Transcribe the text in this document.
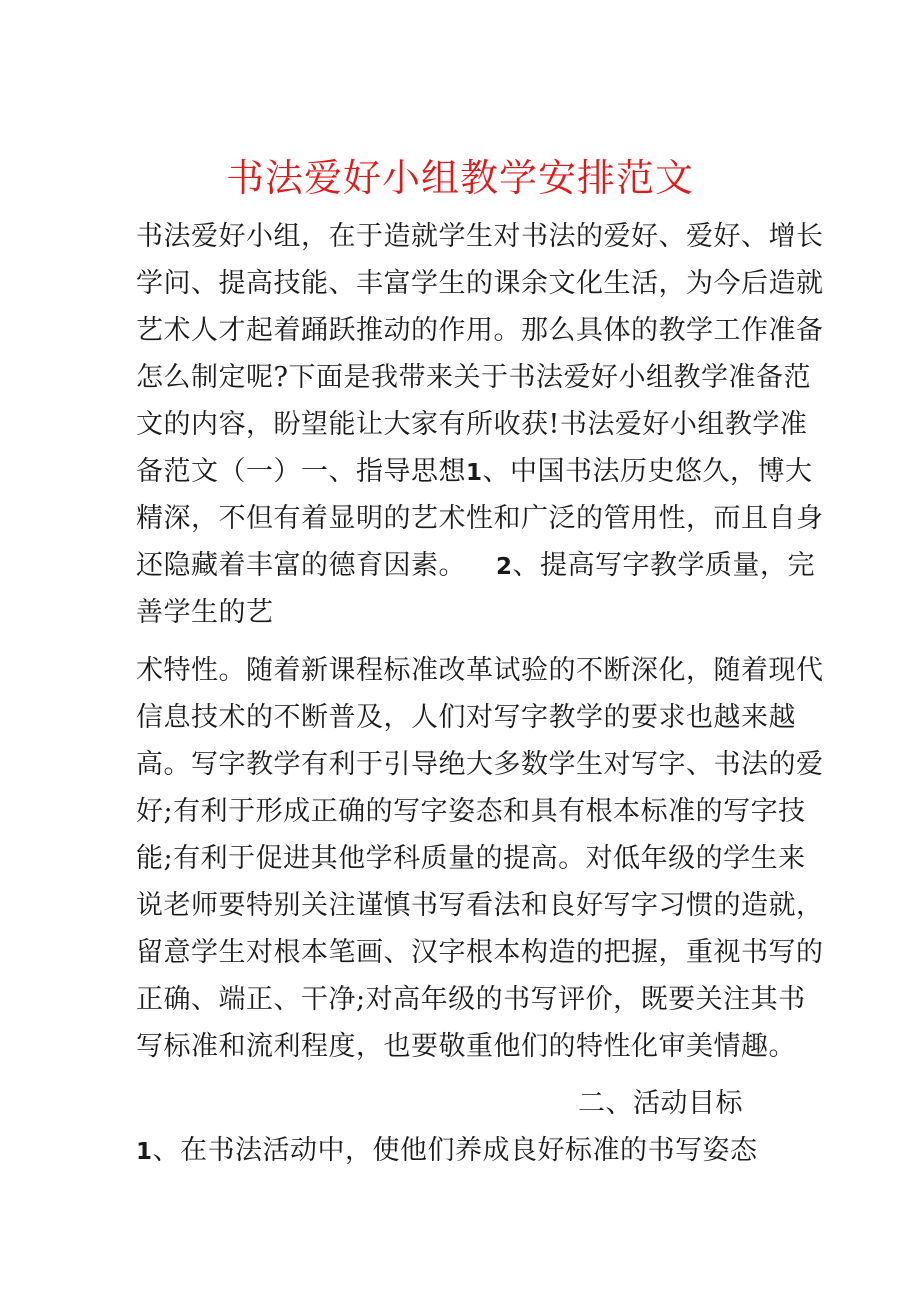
书法爱好小组教学安排范文
书法爱好小组，在于造就学生对书法的爱好、爱好、增长
学问、提高技能、丰富学生的课余文化生活，为今后造就
艺术人才起着踊跃推动的作用。那么具体的教学工作准备
怎么制定呢?下面是我带来关于书法爱好小组教学准备范
文的内容，盼望能让大家有所收获!书法爱好小组教学准
备范文（一）一、指导思想1、中国书法历史悠久，博大
精深，不但有着显明的艺术性和广泛的管用性，而且自身
还隐藏着丰富的德育因素。 2、提高写字教学质量，完
善学生的艺
术特性。随着新课程标准改革试验的不断深化，随着现代
信息技术的不断普及，人们对写字教学的要求也越来越
高。写字教学有利于引导绝大多数学生对写字、书法的爱
好;有利于形成正确的写字姿态和具有根本标准的写字技
能;有利于促进其他学科质量的提高。对低年级的学生来
说老师要特别关注谨慎书写看法和良好写字习惯的造就，
留意学生对根本笔画、汉字根本构造的把握，重视书写的
正确、端正、干净;对高年级的书写评价，既要关注其书
写标准和流利程度，也要敬重他们的特性化审美情趣。
二、活动目标
1、在书法活动中，使他们养成良好标准的书写姿态
